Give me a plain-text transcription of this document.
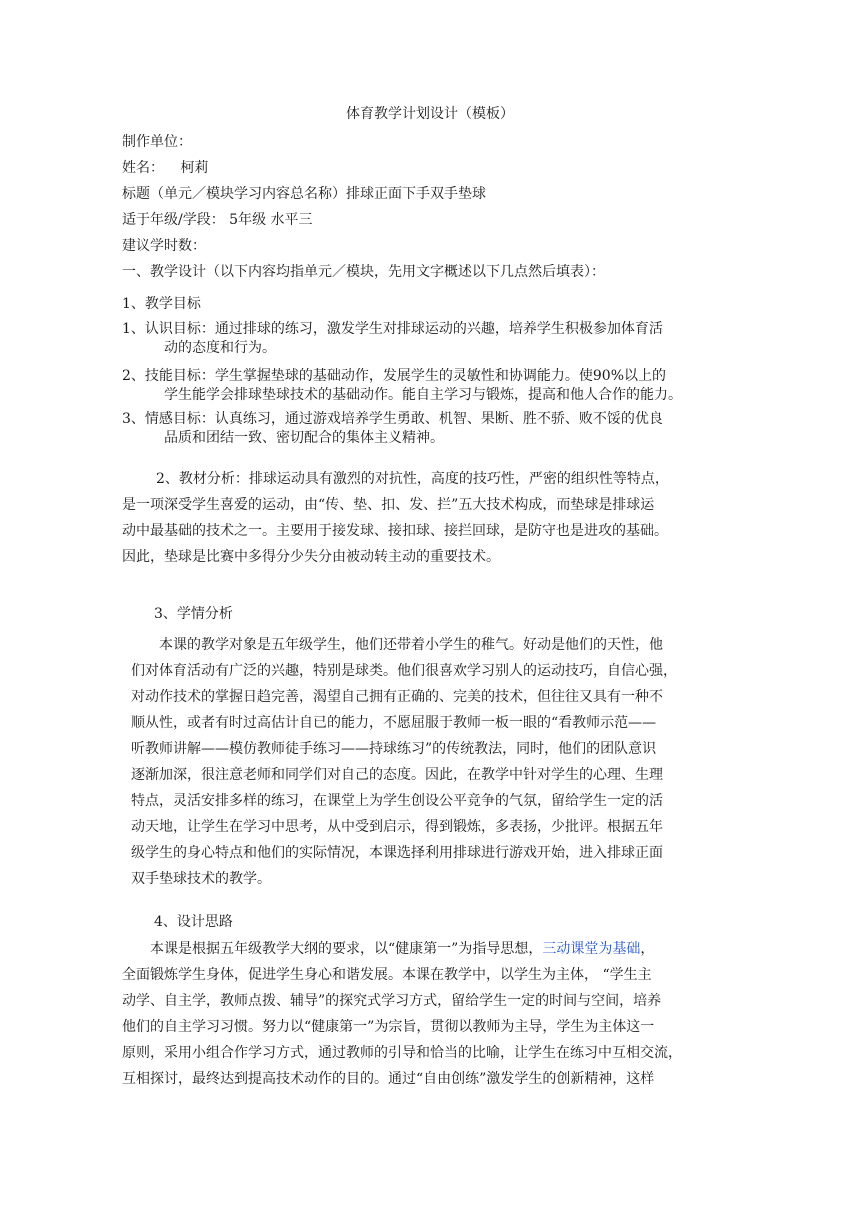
体育教学计划设计（模板）
制作单位：
姓名： 柯莉
标题（单元／模块学习内容总名称）排球正面下手双手垫球
适于年级/学段： 5年级 水平三
建议学时数：
一、教学设计（以下内容均指单元／模块，先用文字概述以下几点然后填表）：
1、教学目标
1、认识目标：通过排球的练习，激发学生对排球运动的兴趣，培养学生积极参加体育活
动的态度和行为。
2、技能目标：学生掌握垫球的基础动作，发展学生的灵敏性和协调能力。使90%以上的
学生能学会排球垫球技术的基础动作。能自主学习与锻炼，提高和他人合作的能力。
3、情感目标：认真练习，通过游戏培养学生勇敢、机智、果断、胜不骄、败不馁的优良
品质和团结一致、密切配合的集体主义精神。

2、教材分析：排球运动具有激烈的对抗性，高度的技巧性，严密的组织性等特点，

是一项深受学生喜爱的运动，由“传、垫、扣、发、拦”五大技术构成，而垫球是排球运

动中最基础的技术之一。主要用于接发球、接扣球、接拦回球，是防守也是进攻的基础。

因此，垫球是比赛中多得分少失分由被动转主动的重要技术。

3、学情分析

本课的教学对象是五年级学生，他们还带着小学生的稚气。好动是他们的天性，他

们对体育活动有广泛的兴趣，特别是球类。他们很喜欢学习别人的运动技巧，自信心强，

对动作技术的掌握日趋完善，渴望自己拥有正确的、完美的技术，但往往又具有一种不

顺从性，或者有时过高估计自已的能力，不愿屈服于教师一板一眼的“看教师示范——

听教师讲解——模仿教师徒手练习——持球练习”的传统教法，同时，他们的团队意识

逐渐加深，很注意老师和同学们对自己的态度。因此，在教学中针对学生的心理、生理

特点，灵活安排多样的练习，在课堂上为学生创设公平竞争的气氛，留给学生一定的活

动天地，让学生在学习中思考，从中受到启示，得到锻炼，多表扬，少批评。根据五年

级学生的身心特点和他们的实际情况，本课选择利用排球进行游戏开始，进入排球正面

双手垫球技术的教学。

4、设计思路

本课是根据五年级教学大纲的要求，以“健康第一”为指导思想，三动课堂为基础，

全面锻炼学生身体，促进学生身心和谐发展。本课在教学中，以学生为主体， “学生主

动学、自主学，教师点拨、辅导”的探究式学习方式，留给学生一定的时间与空间，培养

他们的自主学习习惯。努力以“健康第一”为宗旨，贯彻以教师为主导，学生为主体这一

原则，采用小组合作学习方式，通过教师的引导和恰当的比喻，让学生在练习中互相交流，

互相探讨，最终达到提高技术动作的目的。通过“自由创练”激发学生的创新精神，这样
